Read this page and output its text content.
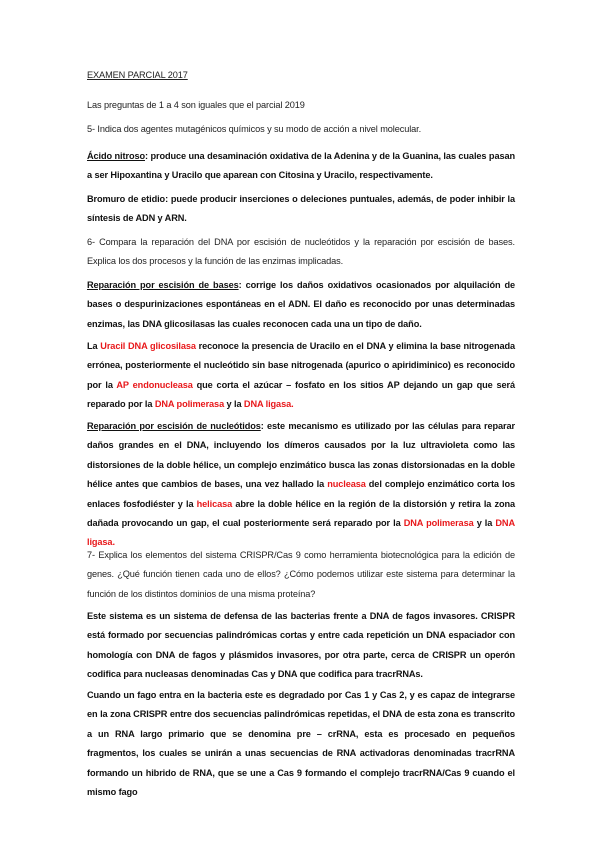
EXAMEN PARCIAL 2017
Las preguntas de 1 a 4 son iguales que el parcial 2019
5- Indica dos agentes mutagénicos químicos y su modo de acción a nivel molecular.
Ácido nitroso: produce una desaminación oxidativa de la Adenina y de la Guanina, las cuales pasan a ser Hipoxantina y Uracilo que aparean con Citosina y Uracilo, respectivamente.
Bromuro de etidio: puede producir inserciones o deleciones puntuales, además, de poder inhibir la síntesis de ADN y ARN.
6- Compara la reparación del DNA por escisión de nucleótidos y la reparación por escisión de bases. Explica los dos procesos y la función de las enzimas implicadas.
Reparación por escisión de bases: corrige los daños oxidativos ocasionados por alquilación de bases o despurinizaciones espontáneas en el ADN. El daño es reconocido por unas determinadas enzimas, las DNA glicosilasas las cuales reconocen cada una un tipo de daño.
La Uracil DNA glicosilasa reconoce la presencia de Uracilo en el DNA y elimina la base nitrogenada errónea, posteriormente el nucleótido sin base nitrogenada (apurico o apiridiminico) es reconocido por la AP endonucleasa que corta el azúcar – fosfato en los sitios AP dejando un gap que será reparado por la DNA polimerasa y la DNA ligasa.
Reparación por escisión de nucleótidos: este mecanismo es utilizado por las células para reparar daños grandes en el DNA, incluyendo los dímeros causados por la luz ultravioleta como las distorsiones de la doble hélice, un complejo enzimático busca las zonas distorsionadas en la doble hélice antes que cambios de bases, una vez hallado la nucleasa del complejo enzimático corta los enlaces fosfodiéster y la helicasa abre la doble hélice en la región de la distorsión y retira la zona dañada provocando un gap, el cual posteriormente será reparado por la DNA polimerasa y la DNA ligasa.
7- Explica los elementos del sistema CRISPR/Cas 9 como herramienta biotecnológica para la edición de genes. ¿Qué función tienen cada uno de ellos? ¿Cómo podemos utilizar este sistema para determinar la función de los distintos dominios de una misma proteína?
Este sistema es un sistema de defensa de las bacterias frente a DNA de fagos invasores. CRISPR está formado por secuencias palindrómicas cortas y entre cada repetición un DNA espaciador con homología con DNA de fagos y plásmidos invasores, por otra parte, cerca de CRISPR un operón codifica para nucleasas denominadas Cas y DNA que codifica para tracrRNAs.
Cuando un fago entra en la bacteria este es degradado por Cas 1 y Cas 2, y es capaz de integrarse en la zona CRISPR entre dos secuencias palindrómicas repetidas, el DNA de esta zona es transcrito a un RNA largo primario que se denomina pre – crRNA, esta es procesado en pequeños fragmentos, los cuales se unirán a unas secuencias de RNA activadoras denominadas tracrRNA formando un hibrido de RNA, que se une a Cas 9 formando el complejo tracrRNA/Cas 9 cuando el mismo fago
